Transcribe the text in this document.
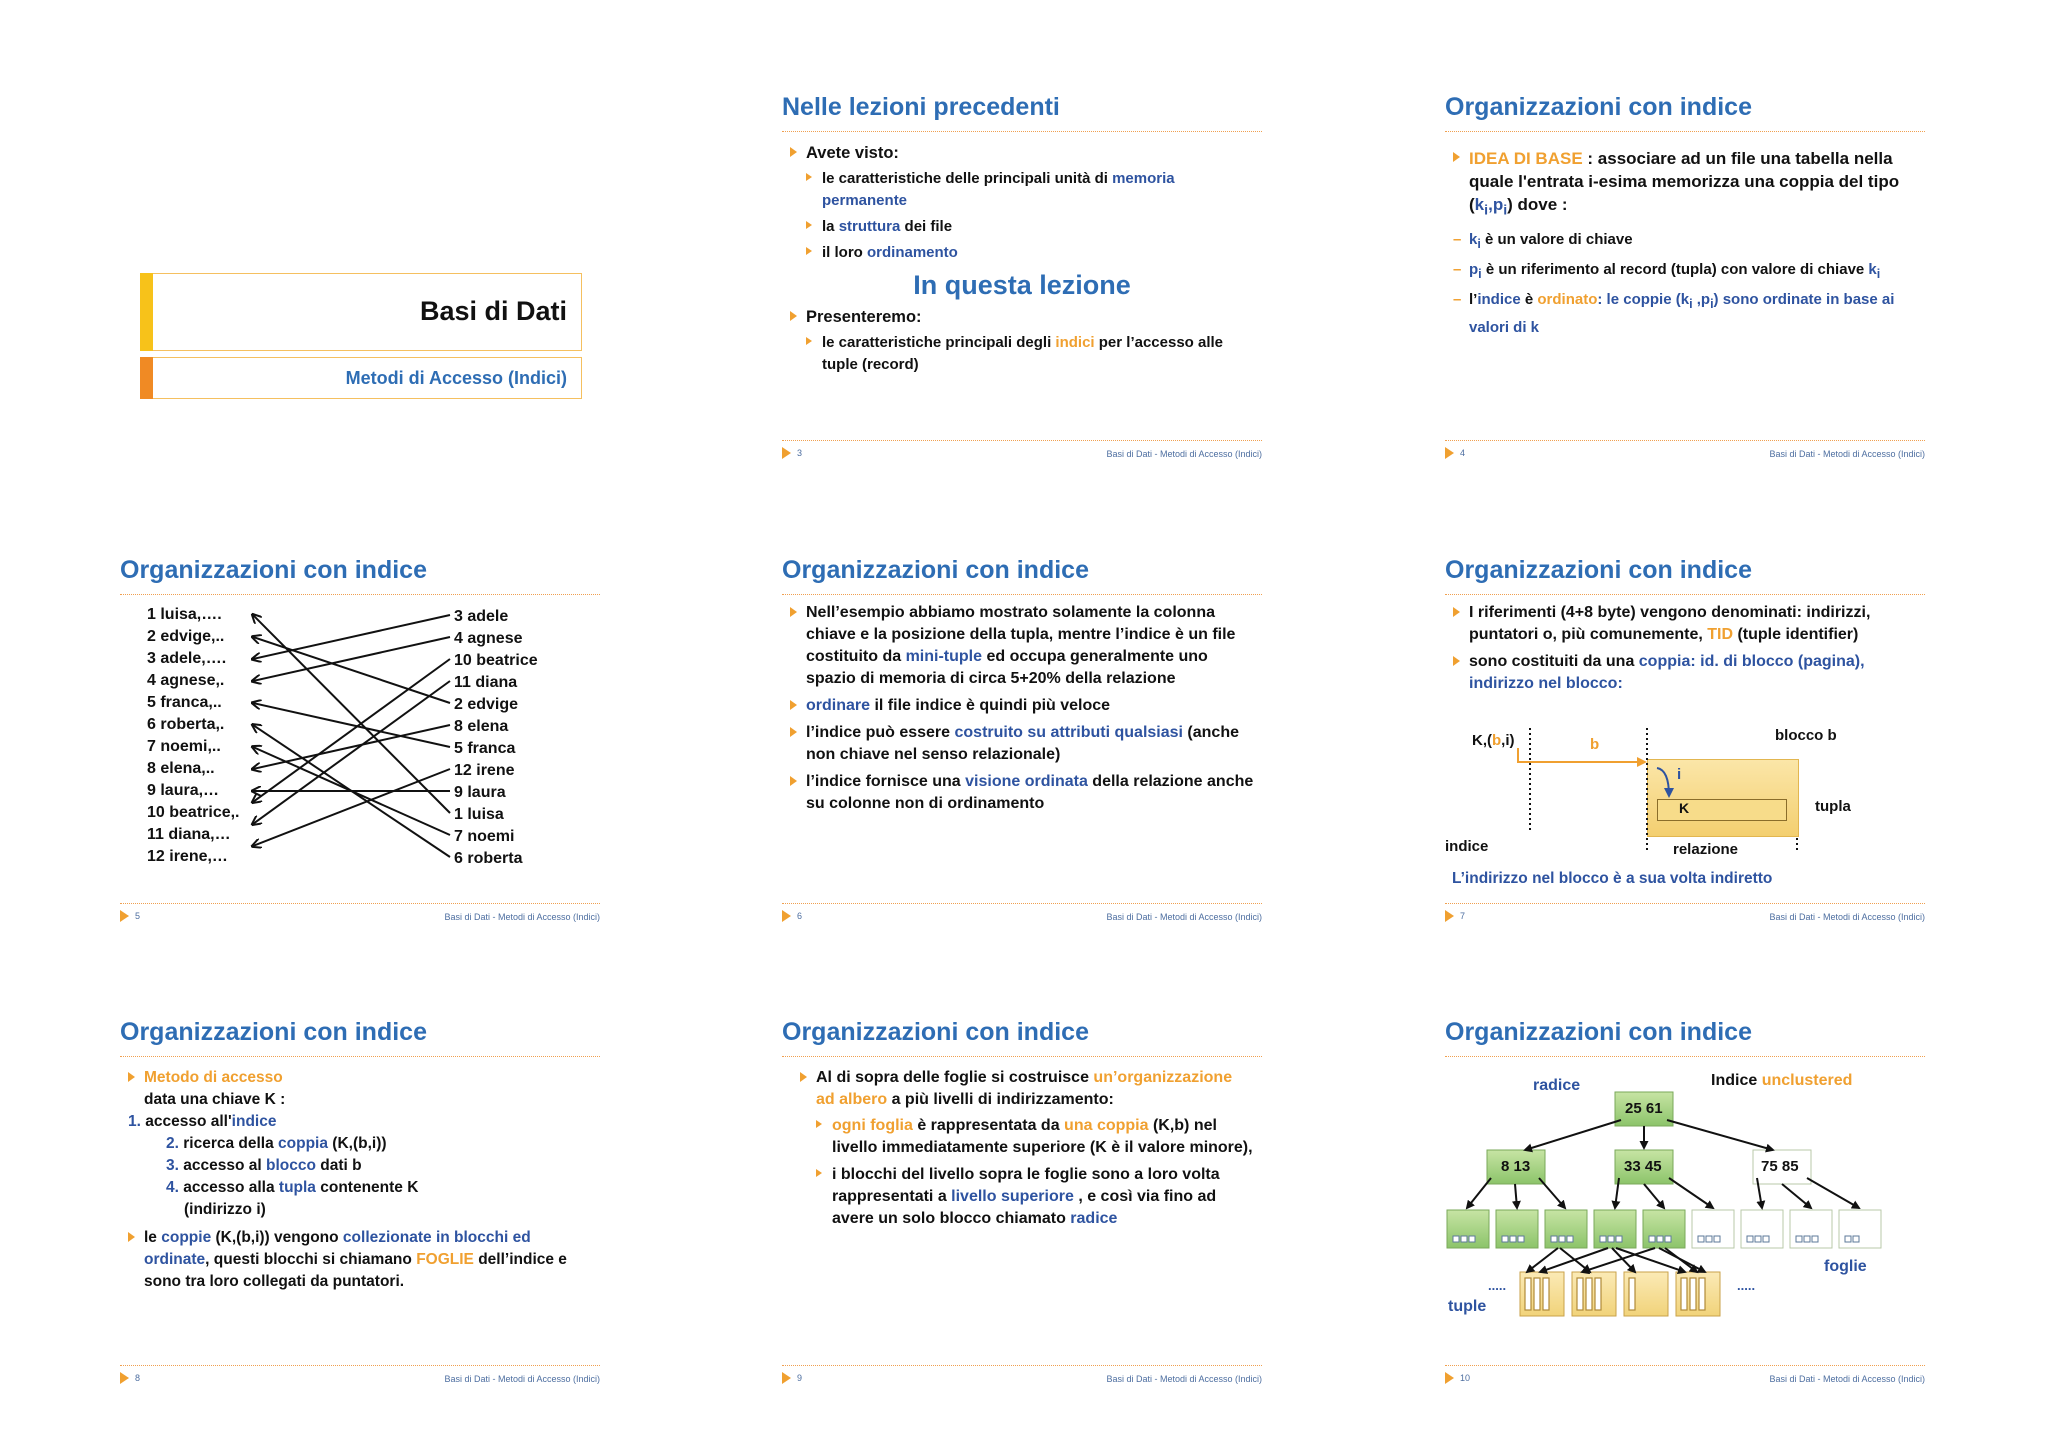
Basi di Dati
Metodi di Accesso (Indici)
Nelle lezioni precedenti
Avete visto:
le caratteristiche delle principali unità di memoria permanente
la struttura dei file
il loro ordinamento
In questa lezione
Presenteremo:
le caratteristiche principali degli indici per l’accesso alle tuple (record)
3	Basi di Dati - Metodi di Accesso (Indici)
Organizzazioni con indice
IDEA DI BASE : associare ad un file una tabella nella quale l'entrata i-esima memorizza una coppia del tipo $(k_i,p_i)$ dove :
– $k_i$ è un valore di chiave
– $p_i$ è un riferimento al record (tupla) con valore di chiave $k_i$
– l’indice è ordinato: le coppie ($k_i$ $,p_i$) sono ordinate in base ai valori di k
4	Basi di Dati - Metodi di Accesso (Indici)
Organizzazioni con indice
1 luisa,….
2 edvige,..
3 adele,….
4 agnese,.
5 franca,..
6 roberta,.
7 noemi,..
8 elena,..
9 laura,…
10 beatrice,.
11 diana,…
12 irene,…
3 adele
4 agnese
10 beatrice
11 diana
2 edvige
8 elena
5 franca
12 irene
9 laura
1 luisa
7 noemi
6 roberta
5	Basi di Dati - Metodi di Accesso (Indici)
Organizzazioni con indice
Nell’esempio abbiamo mostrato solamente la colonna chiave e la posizione della tupla, mentre l’indice è un file costituito da mini-tuple ed occupa generalmente uno spazio di memoria di circa 5+20% della relazione
ordinare il file indice è quindi più veloce
l’indice può essere costruito su attributi qualsiasi (anche non chiave nel senso relazionale)
l’indice fornisce una visione ordinata della relazione anche su colonne non di ordinamento
6	Basi di Dati - Metodi di Accesso (Indici)
Organizzazioni con indice
I riferimenti (4+8 byte) vengono denominati: indirizzi, puntatori o, più comunemente, TID (tuple identifier)
sono costituiti da una coppia: id. di blocco (pagina), indirizzo nel blocco:
K
K,(b,i)	b
blocco b
i
tupla
indice	relazione
L’indirizzo nel blocco è a sua volta indiretto
7	Basi di Dati - Metodi di Accesso (Indici)
Organizzazioni con indice
Metodo di accesso
data una chiave K :
1. accesso all'indice
2. ricerca della coppia (K,(b,i))
3. accesso al blocco dati b
4. accesso alla tupla contenente K
(indirizzo i)
le coppie (K,(b,i)) vengono collezionate in blocchi ed ordinate, questi blocchi si chiamano FOGLIE dell’indice e sono tra loro collegati da puntatori.
8	Basi di Dati - Metodi di Accesso (Indici)
Organizzazioni con indice
Al di sopra delle foglie si costruisce un’organizzazione ad albero a più livelli di indirizzamento:
ogni foglia è rappresentata da una coppia (K,b) nel livello immediatamente superiore (K è il valore minore),
i blocchi del livello sopra le foglie sono a loro volta rappresentati a livello superiore , e così via fino ad avere un solo blocco chiamato radice
9	Basi di Dati - Metodi di Accesso (Indici)
Organizzazioni con indice
radice	Indice unclustered
25 61
8 13	33 45	75 85
foglie
tuple
.....	.....
10	Basi di Dati - Metodi di Accesso (Indici)
